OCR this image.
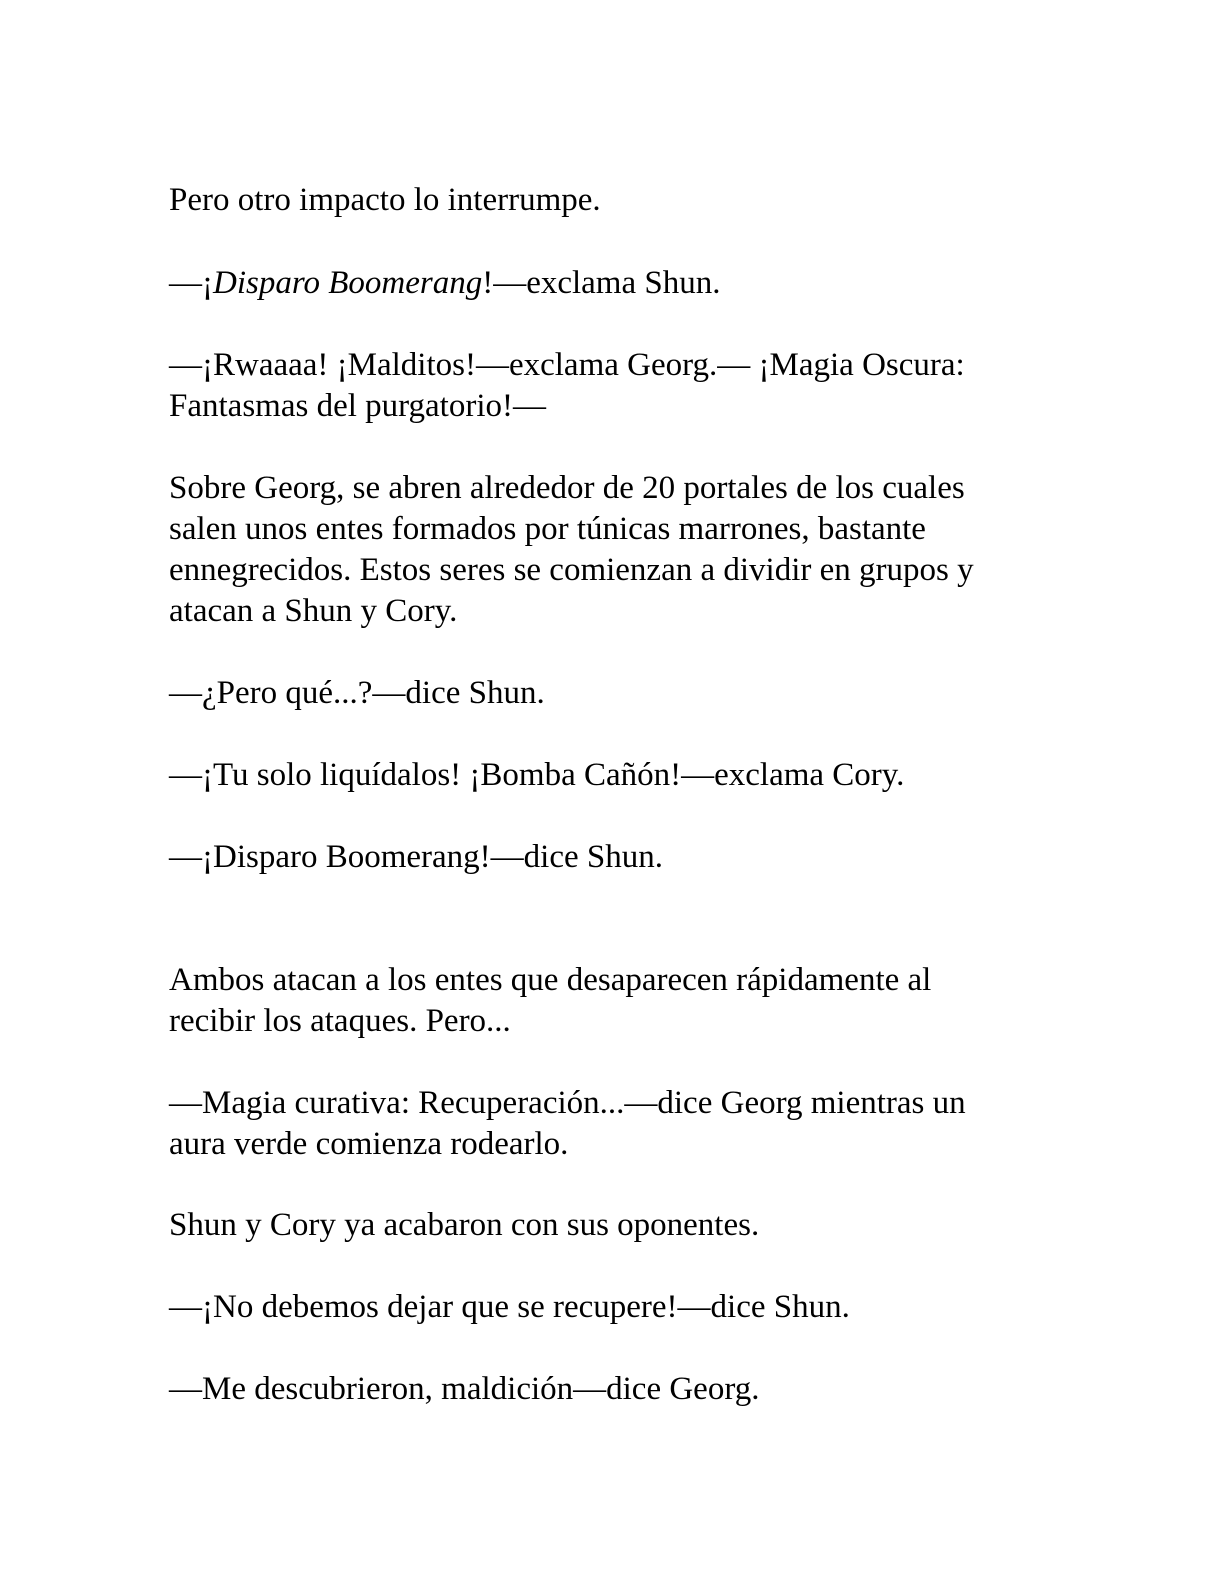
Pero otro impacto lo interrumpe.

—¡Disparo Boomerang!—exclama Shun.

—¡Rwaaaa! ¡Malditos!—exclama Georg.— ¡Magia Oscura:
Fantasmas del purgatorio!—

Sobre Georg, se abren alrededor de 20 portales de los cuales
salen unos entes formados por túnicas marrones, bastante
ennegrecidos. Estos seres se comienzan a dividir en grupos y
atacan a Shun y Cory.

—¿Pero qué...?—dice Shun.

—¡Tu solo liquídalos! ¡Bomba Cañón!—exclama Cory.

—¡Disparo Boomerang!—dice Shun.

Ambos atacan a los entes que desaparecen rápidamente al
recibir los ataques. Pero...

—Magia curativa: Recuperación...—dice Georg mientras un
aura verde comienza rodearlo.

Shun y Cory ya acabaron con sus oponentes.

—¡No debemos dejar que se recupere!—dice Shun.

—Me descubrieron, maldición—dice Georg.
